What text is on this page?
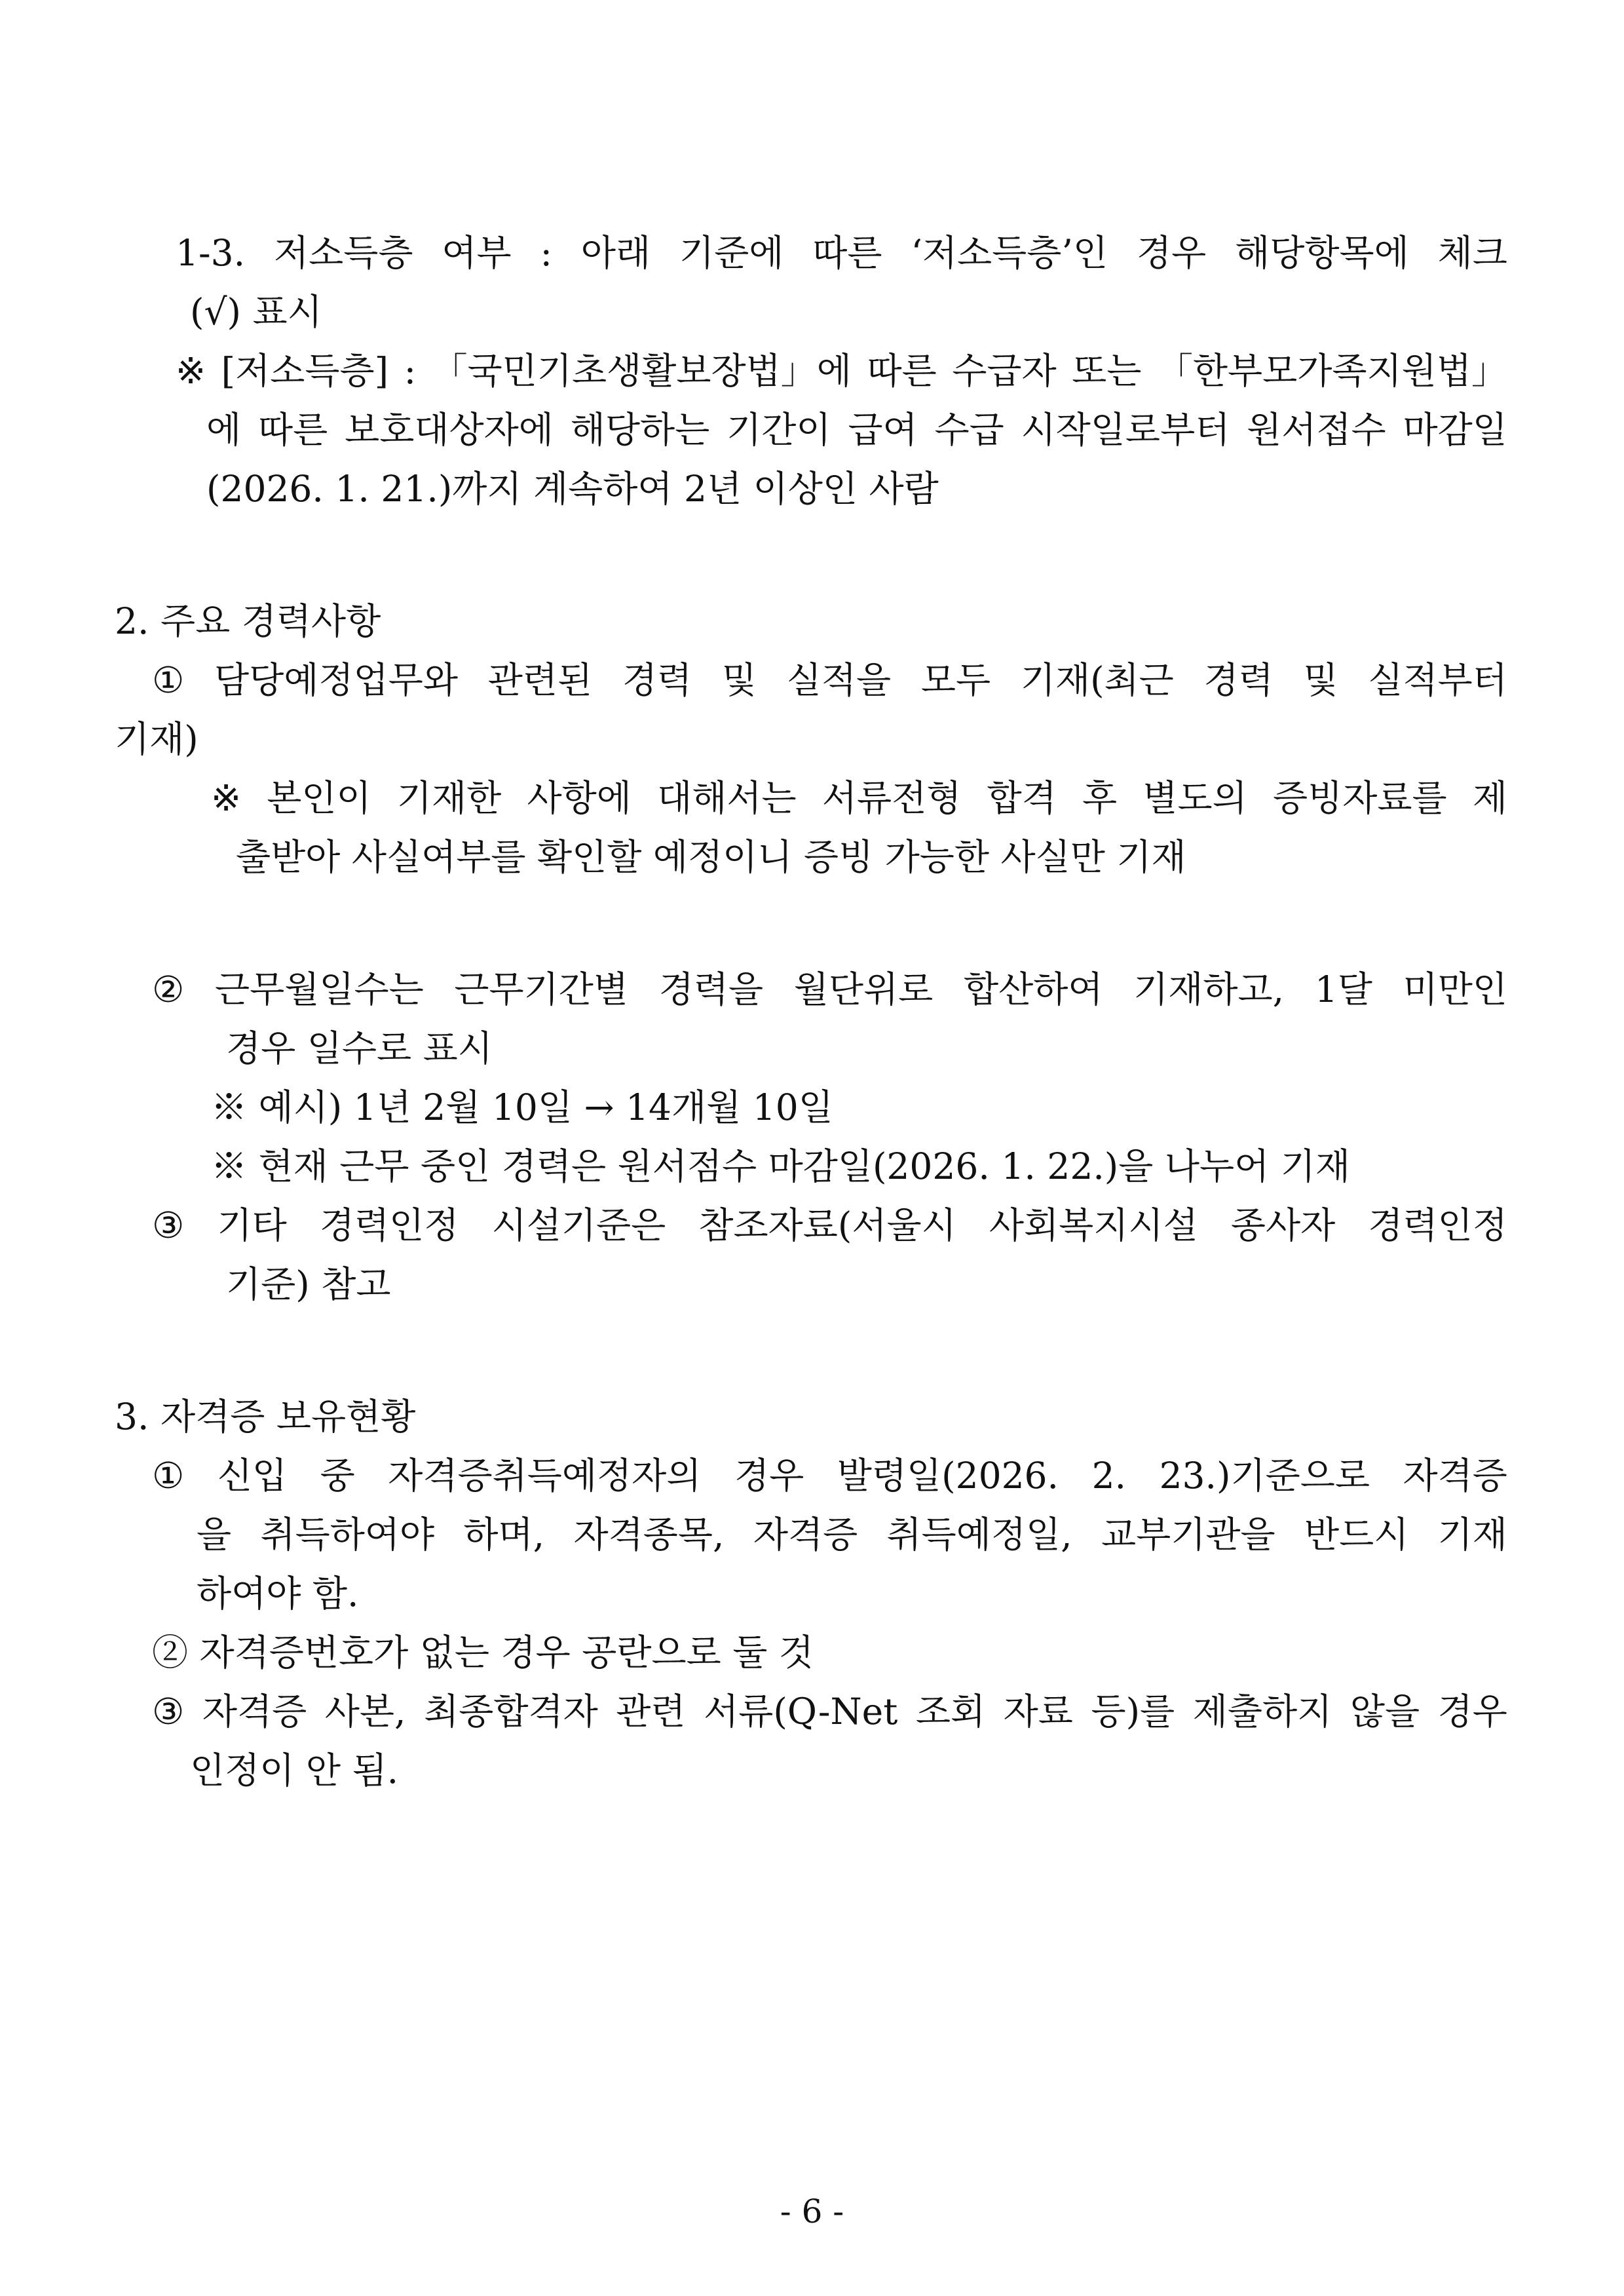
1-3. 저소득층 여부 : 아래 기준에 따른 ‘저소득층’인 경우 해당항목에 체크
(√) 표시
※ [저소득층] : 「국민기초생활보장법」에 따른 수급자 또는 「한부모가족지원법」
에 따른 보호대상자에 해당하는 기간이 급여 수급 시작일로부터 원서접수 마감일
(2026. 1. 21.)까지 계속하여 2년 이상인 사람
2. 주요 경력사항
① 담당예정업무와 관련된 경력 및 실적을 모두 기재(최근 경력 및 실적부터
기재)
※ 본인이 기재한 사항에 대해서는 서류전형 합격 후 별도의 증빙자료를 제
출받아 사실여부를 확인할 예정이니 증빙 가능한 사실만 기재
② 근무월일수는 근무기간별 경력을 월단위로 합산하여 기재하고, 1달 미만인
경우 일수로 표시
※ 예시) 1년 2월 10일 → 14개월 10일
※ 현재 근무 중인 경력은 원서점수 마감일(2026. 1. 22.)을 나누어 기재
③ 기타 경력인정 시설기준은 참조자료(서울시 사회복지시설 종사자 경력인정
기준) 참고
3. 자격증 보유현황
① 신입 중 자격증취득예정자의 경우 발령일(2026. 2. 23.)기준으로 자격증
을 취득하여야 하며, 자격종목, 자격증 취득예정일, 교부기관을 반드시 기재
하여야 함.
② 자격증번호가 없는 경우 공란으로 둘 것
③ 자격증 사본, 최종합격자 관련 서류(Q-Net 조회 자료 등)를 제출하지 않을 경우
인정이 안 됨.
- 6 -
